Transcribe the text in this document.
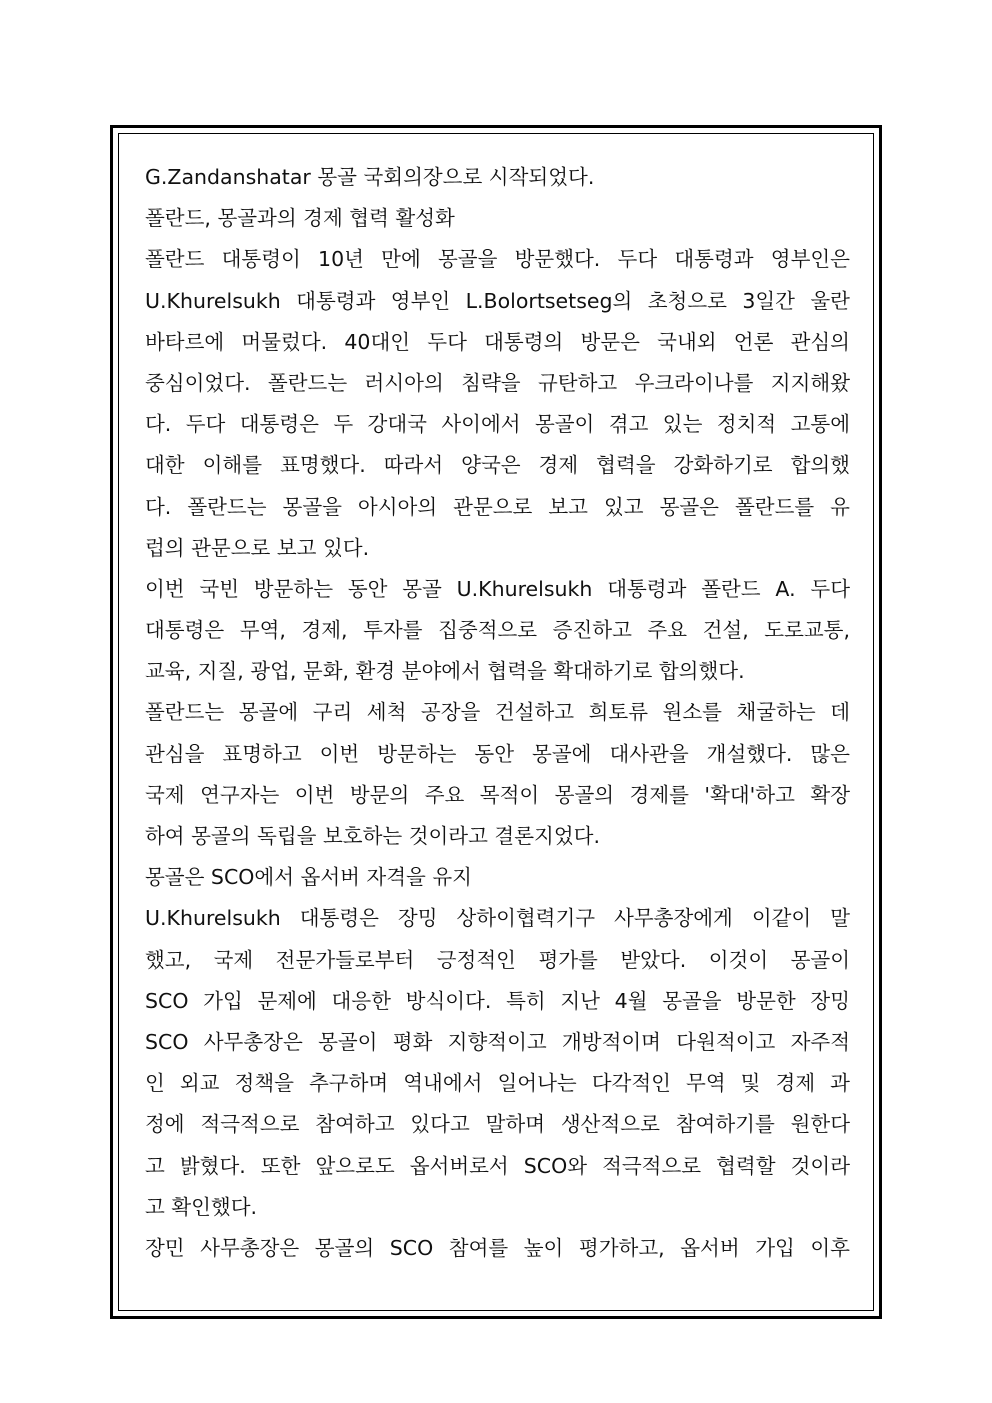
G.Zandanshatar 몽골 국회의장으로 시작되었다.
폴란드, 몽골과의 경제 협력 활성화
폴란드 대통령이 10년 만에 몽골을 방문했다. 두다 대통령과 영부인은
U.Khurelsukh 대통령과 영부인 L.Bolortsetseg의 초청으로 3일간 울란
바타르에 머물렀다. 40대인 두다 대통령의 방문은 국내외 언론 관심의
중심이었다. 폴란드는 러시아의 침략을 규탄하고 우크라이나를 지지해왔
다. 두다 대통령은 두 강대국 사이에서 몽골이 겪고 있는 정치적 고통에
대한 이해를 표명했다. 따라서 양국은 경제 협력을 강화하기로 합의했
다. 폴란드는 몽골을 아시아의 관문으로 보고 있고 몽골은 폴란드를 유
럽의 관문으로 보고 있다.
이번 국빈 방문하는 동안 몽골 U.Khurelsukh 대통령과 폴란드 A. 두다
대통령은 무역, 경제, 투자를 집중적으로 증진하고 주요 건설, 도로교통,
교육, 지질, 광업, 문화, 환경 분야에서 협력을 확대하기로 합의했다.
폴란드는 몽골에 구리 세척 공장을 건설하고 희토류 원소를 채굴하는 데
관심을 표명하고 이번 방문하는 동안 몽골에 대사관을 개설했다. 많은
국제 연구자는 이번 방문의 주요 목적이 몽골의 경제를 '확대'하고 확장
하여 몽골의 독립을 보호하는 것이라고 결론지었다.
몽골은 SCO에서 옵서버 자격을 유지
U.Khurelsukh 대통령은 장밍 상하이협력기구 사무총장에게 이같이 말
했고, 국제 전문가들로부터 긍정적인 평가를 받았다. 이것이 몽골이
SCO 가입 문제에 대응한 방식이다. 특히 지난 4월 몽골을 방문한 장밍
SCO 사무총장은 몽골이 평화 지향적이고 개방적이며 다원적이고 자주적
인 외교 정책을 추구하며 역내에서 일어나는 다각적인 무역 및 경제 과
정에 적극적으로 참여하고 있다고 말하며 생산적으로 참여하기를 원한다
고 밝혔다. 또한 앞으로도 옵서버로서 SCO와 적극적으로 협력할 것이라
고 확인했다.
장민 사무총장은 몽골의 SCO 참여를 높이 평가하고, 옵서버 가입 이후
